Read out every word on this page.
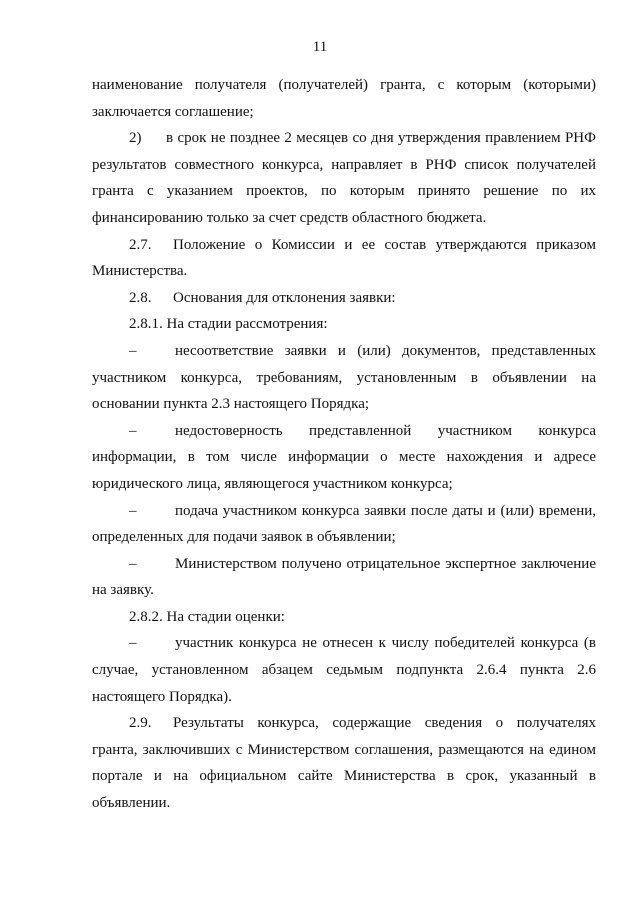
11

наименование получателя (получателей) гранта, с которым (которыми) заключается соглашение;

2) в срок не позднее 2 месяцев со дня утверждения правлением РНФ результатов совместного конкурса, направляет в РНФ список получателей гранта с указанием проектов, по которым принято решение по их финансированию только за счет средств областного бюджета.

2.7. Положение о Комиссии и ее состав утверждаются приказом Министерства.

2.8. Основания для отклонения заявки:

2.8.1. На стадии рассмотрения:

–	несоответствие заявки и (или) документов, представленных участником конкурса, требованиям, установленным в объявлении на основании пункта 2.3 настоящего Порядка;

–	недостоверность представленной участником конкурса информации, в том числе информации о месте нахождения и адресе юридического лица, являющегося участником конкурса;

–	подача участником конкурса заявки после даты и (или) времени, определенных для подачи заявок в объявлении;

–	Министерством получено отрицательное экспертное заключение на заявку.

2.8.2. На стадии оценки:

–	участник конкурса не отнесен к числу победителей конкурса (в случае, установленном абзацем седьмым подпункта 2.6.4 пункта 2.6 настоящего Порядка).

2.9. Результаты конкурса, содержащие сведения о получателях гранта, заключивших с Министерством соглашения, размещаются на едином портале и на официальном сайте Министерства в срок, указанный в объявлении.
